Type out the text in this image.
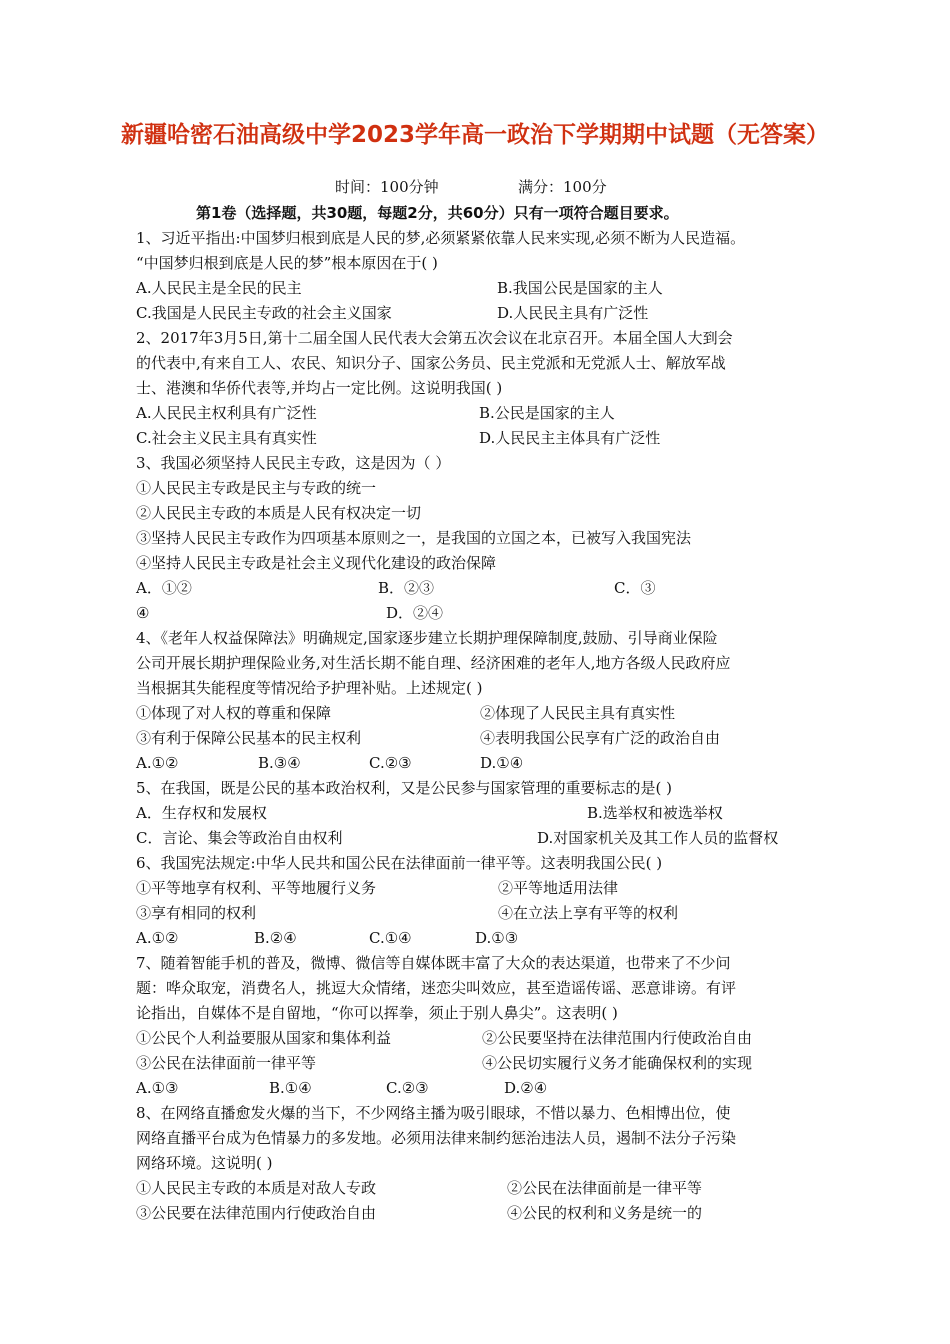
新疆哈密石油高级中学2023学年高一政治下学期期中试题（无答案）
时间：100分钟	满分：100分
第1卷（选择题，共30题，每题2分，共60分）只有一项符合题目要求。
1、习近平指出:中国梦归根到底是人民的梦,必须紧紧依靠人民来实现,必须不断为人民造福。
“中国梦归根到底是人民的梦”根本原因在于( )
A.人民民主是全民的民主	B.我国公民是国家的主人
C.我国是人民民主专政的社会主义国家	D.人民民主具有广泛性
2、2017年3月5日,第十二届全国人民代表大会第五次会议在北京召开。本届全国人大到会
的代表中,有来自工人、农民、知识分子、国家公务员、民主党派和无党派人士、解放军战
士、港澳和华侨代表等,并均占一定比例。这说明我国( )
A.人民民主权利具有广泛性	B.公民是国家的主人
C.社会主义民主具有真实性	D.人民民主主体具有广泛性
3、我国必须坚持人民民主专政，这是因为（ ）
①人民民主专政是民主与专政的统一
②人民民主专政的本质是人民有权决定一切
③坚持人民民主专政作为四项基本原则之一，是我国的立国之本，已被写入我国宪法
④坚持人民民主专政是社会主义现代化建设的政治保障
A．①②	B．②③	C．③
④	D．②④
4、《老年人权益保障法》明确规定,国家逐步建立长期护理保障制度,鼓励、引导商业保险
公司开展长期护理保险业务,对生活长期不能自理、经济困难的老年人,地方各级人民政府应
当根据其失能程度等情况给予护理补贴。上述规定( )
①体现了对人权的尊重和保障	②体现了人民民主具有真实性
③有利于保障公民基本的民主权利	④表明我国公民享有广泛的政治自由
A.①②	B.③④	C.②③	D.①④
5、在我国，既是公民的基本政治权利，又是公民参与国家管理的重要标志的是( )
A．生存权和发展权	B.选举权和被选举权
C．言论、集会等政治自由权利	D.对国家机关及其工作人员的监督权
6、我国宪法规定:中华人民共和国公民在法律面前一律平等。这表明我国公民( )
①平等地享有权利、平等地履行义务	②平等地适用法律
③享有相同的权利	④在立法上享有平等的权利
A.①②	B.②④	C.①④	D.①③
7、随着智能手机的普及，微博、微信等自媒体既丰富了大众的表达渠道，也带来了不少问
题：哗众取宠，消费名人，挑逗大众情绪，迷恋尖叫效应，甚至造谣传谣、恶意诽谤。有评
论指出，自媒体不是自留地，“你可以挥拳，须止于别人鼻尖”。这表明( )
①公民个人利益要服从国家和集体利益	②公民要坚持在法律范围内行使政治自由
③公民在法律面前一律平等	④公民切实履行义务才能确保权利的实现
A.①③	B.①④	C.②③	D.②④
8、在网络直播愈发火爆的当下，不少网络主播为吸引眼球，不惜以暴力、色相博出位，使
网络直播平台成为色情暴力的多发地。必须用法律来制约惩治违法人员，遏制不法分子污染
网络环境。这说明( )
①人民民主专政的本质是对敌人专政	②公民在法律面前是一律平等
③公民要在法律范围内行使政治自由	④公民的权利和义务是统一的
